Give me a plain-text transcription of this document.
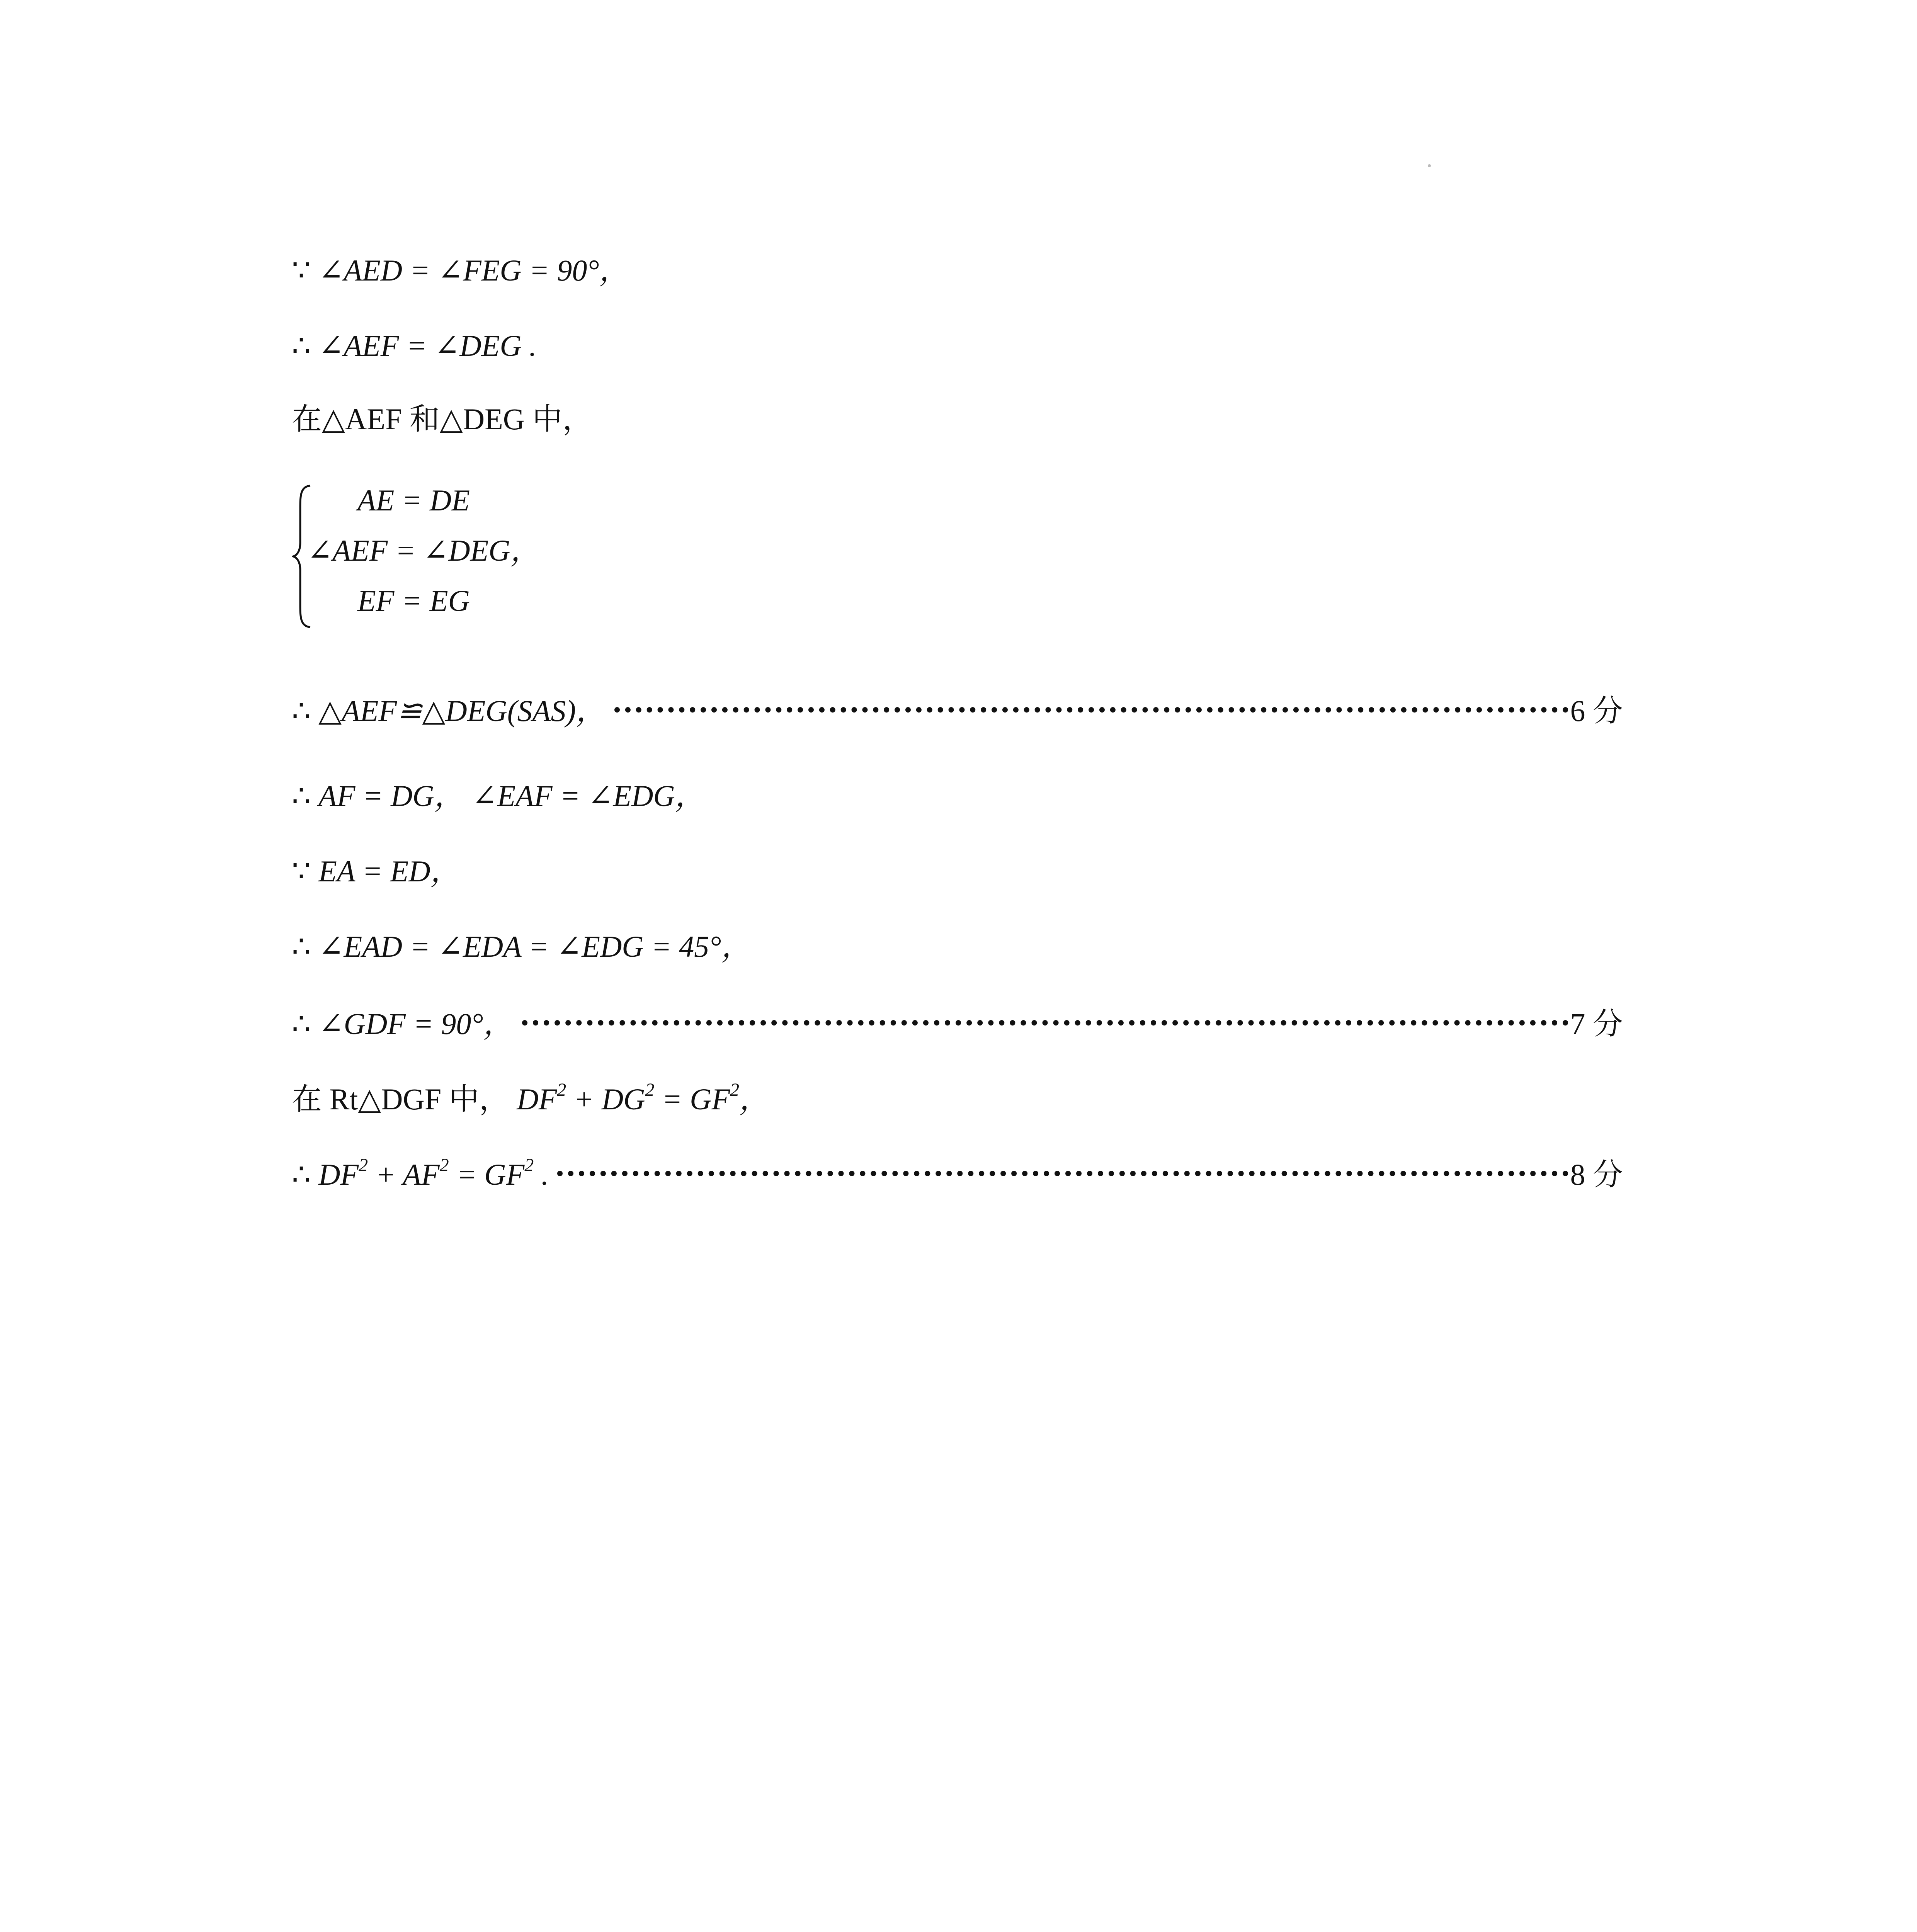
∵ ∠AED = ∠FEG = 90°，
∴ ∠AEF = ∠DEG .
在△AEF 和△DEG 中，
AE = DE
∠AEF = ∠DEG，
EF = EG
∴ △AEF≌△DEG(SAS)，	6 分
∴ AF = DG， ∠EAF = ∠EDG，
∵ EA = ED，
∴ ∠EAD = ∠EDA = ∠EDG = 45°，
∴ ∠GDF = 90°，	7 分
在 Rt△DGF 中， $DF^2 + DG^2 = GF^2$，
∴ $DF^2 + AF^2 = GF^2$ .	8 分
